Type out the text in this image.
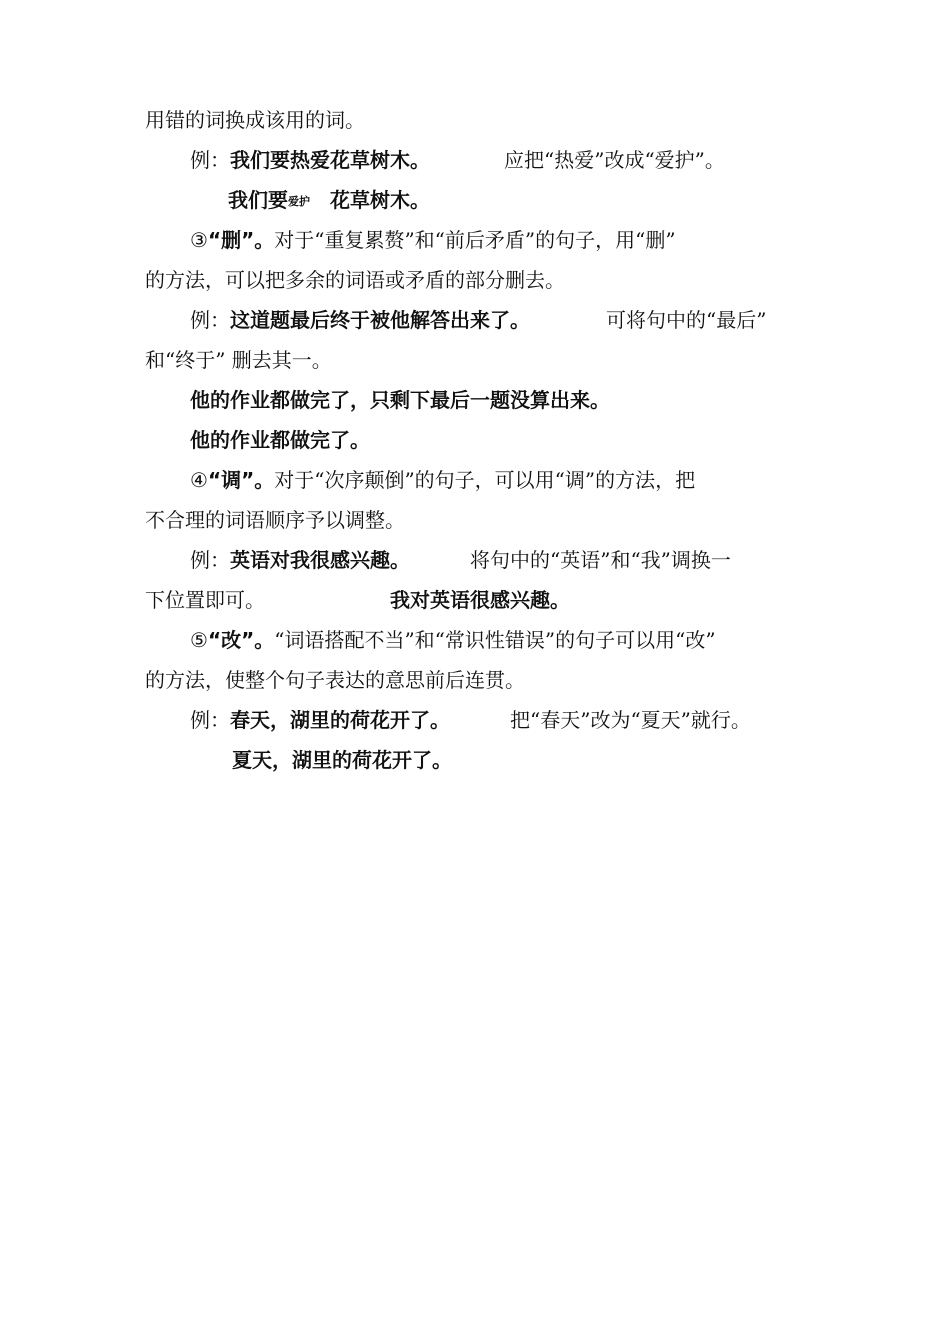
用错的词换成该用的词。
例：我们要热爱花草树木。	应把“热爱”改成“爱护”。
我们要爱护 花草树木。
③“删”。对于“重复累赘”和“前后矛盾”的句子，用“删”
的方法，可以把多余的词语或矛盾的部分删去。
例：这道题最后终于被他解答出来了。	可将句中的“最后”
和“终于” 删去其一。
他的作业都做完了，只剩下最后一题没算出来。
他的作业都做完了。
④“调”。对于“次序颠倒”的句子，可以用“调”的方法，把
不合理的词语顺序予以调整。
例：英语对我很感兴趣。	将句中的“英语”和“我”调换一
下位置即可。	我对英语很感兴趣。
⑤“改”。“词语搭配不当”和“常识性错误”的句子可以用“改”
的方法，使整个句子表达的意思前后连贯。
例：春天，湖里的荷花开了。	把“春天”改为“夏天”就行。
夏天，湖里的荷花开了。
